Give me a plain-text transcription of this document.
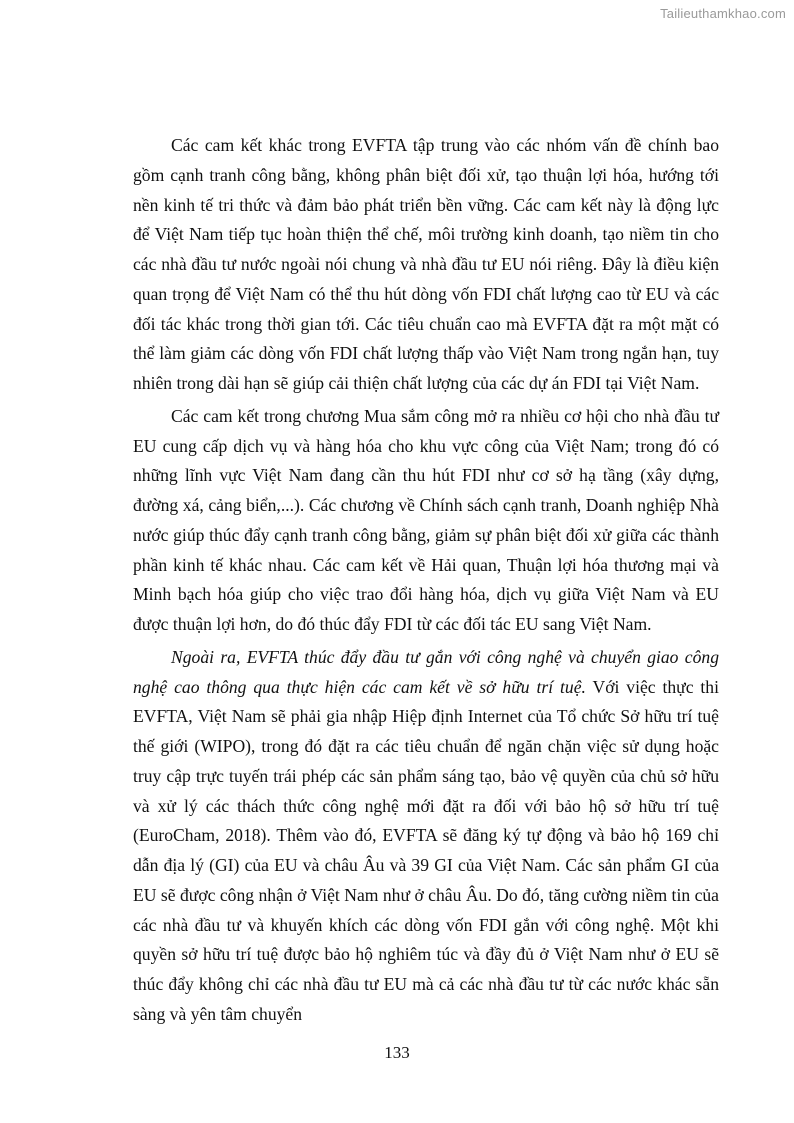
Tailieuthamkhao.com

Các cam kết khác trong EVFTA tập trung vào các nhóm vấn đề chính bao gồm cạnh tranh công bằng, không phân biệt đối xử, tạo thuận lợi hóa, hướng tới nền kinh tế tri thức và đảm bảo phát triển bền vững. Các cam kết này là động lực để Việt Nam tiếp tục hoàn thiện thể chế, môi trường kinh doanh, tạo niềm tin cho các nhà đầu tư nước ngoài nói chung và nhà đầu tư EU nói riêng. Đây là điều kiện quan trọng để Việt Nam có thể thu hút dòng vốn FDI chất lượng cao từ EU và các đối tác khác trong thời gian tới. Các tiêu chuẩn cao mà EVFTA đặt ra một mặt có thể làm giảm các dòng vốn FDI chất lượng thấp vào Việt Nam trong ngắn hạn, tuy nhiên trong dài hạn sẽ giúp cải thiện chất lượng của các dự án FDI tại Việt Nam.

Các cam kết trong chương Mua sắm công mở ra nhiều cơ hội cho nhà đầu tư EU cung cấp dịch vụ và hàng hóa cho khu vực công của Việt Nam; trong đó có những lĩnh vực Việt Nam đang cần thu hút FDI như cơ sở hạ tầng (xây dựng, đường xá, cảng biển,...). Các chương về Chính sách cạnh tranh, Doanh nghiệp Nhà nước giúp thúc đẩy cạnh tranh công bằng, giảm sự phân biệt đối xử giữa các thành phần kinh tế khác nhau. Các cam kết về Hải quan, Thuận lợi hóa thương mại và Minh bạch hóa giúp cho việc trao đổi hàng hóa, dịch vụ giữa Việt Nam và EU được thuận lợi hơn, do đó thúc đẩy FDI từ các đối tác EU sang Việt Nam.

Ngoài ra, EVFTA thúc đẩy đầu tư gắn với công nghệ và chuyển giao công nghệ cao thông qua thực hiện các cam kết về sở hữu trí tuệ. Với việc thực thi EVFTA, Việt Nam sẽ phải gia nhập Hiệp định Internet của Tổ chức Sở hữu trí tuệ thế giới (WIPO), trong đó đặt ra các tiêu chuẩn để ngăn chặn việc sử dụng hoặc truy cập trực tuyến trái phép các sản phẩm sáng tạo, bảo vệ quyền của chủ sở hữu và xử lý các thách thức công nghệ mới đặt ra đối với bảo hộ sở hữu trí tuệ (EuroCham, 2018). Thêm vào đó, EVFTA sẽ đăng ký tự động và bảo hộ 169 chỉ dẫn địa lý (GI) của EU và châu Âu và 39 GI của Việt Nam. Các sản phẩm GI của EU sẽ được công nhận ở Việt Nam như ở châu Âu. Do đó, tăng cường niềm tin của các nhà đầu tư và khuyến khích các dòng vốn FDI gắn với công nghệ. Một khi quyền sở hữu trí tuệ được bảo hộ nghiêm túc và đầy đủ ở Việt Nam như ở EU sẽ thúc đẩy không chỉ các nhà đầu tư EU mà cả các nhà đầu tư từ các nước khác sẵn sàng và yên tâm chuyển

133
